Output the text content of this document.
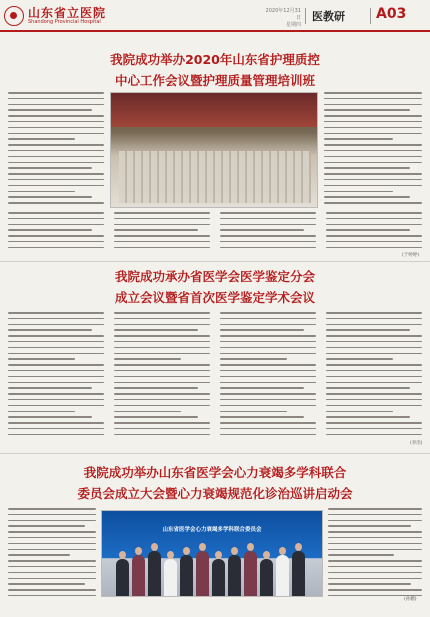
山东省立医院
Shandong Provincial Hospital
2020年12月31日
星期四
医教研 A03
我院成功举办2020年山东省护理质控
中心工作会议暨护理质量管理培训班
(于婷婷)
我院成功承办省医学会医学鉴定分会
成立会议暨省首次医学鉴定学术会议
(李浩)
我院成功举办山东省医学会心力衰竭多学科联合
委员会成立大会暨心力衰竭规范化诊治巡讲启动会
山东省医学会心力衰竭多学科联合委员会
(孙鹏)
